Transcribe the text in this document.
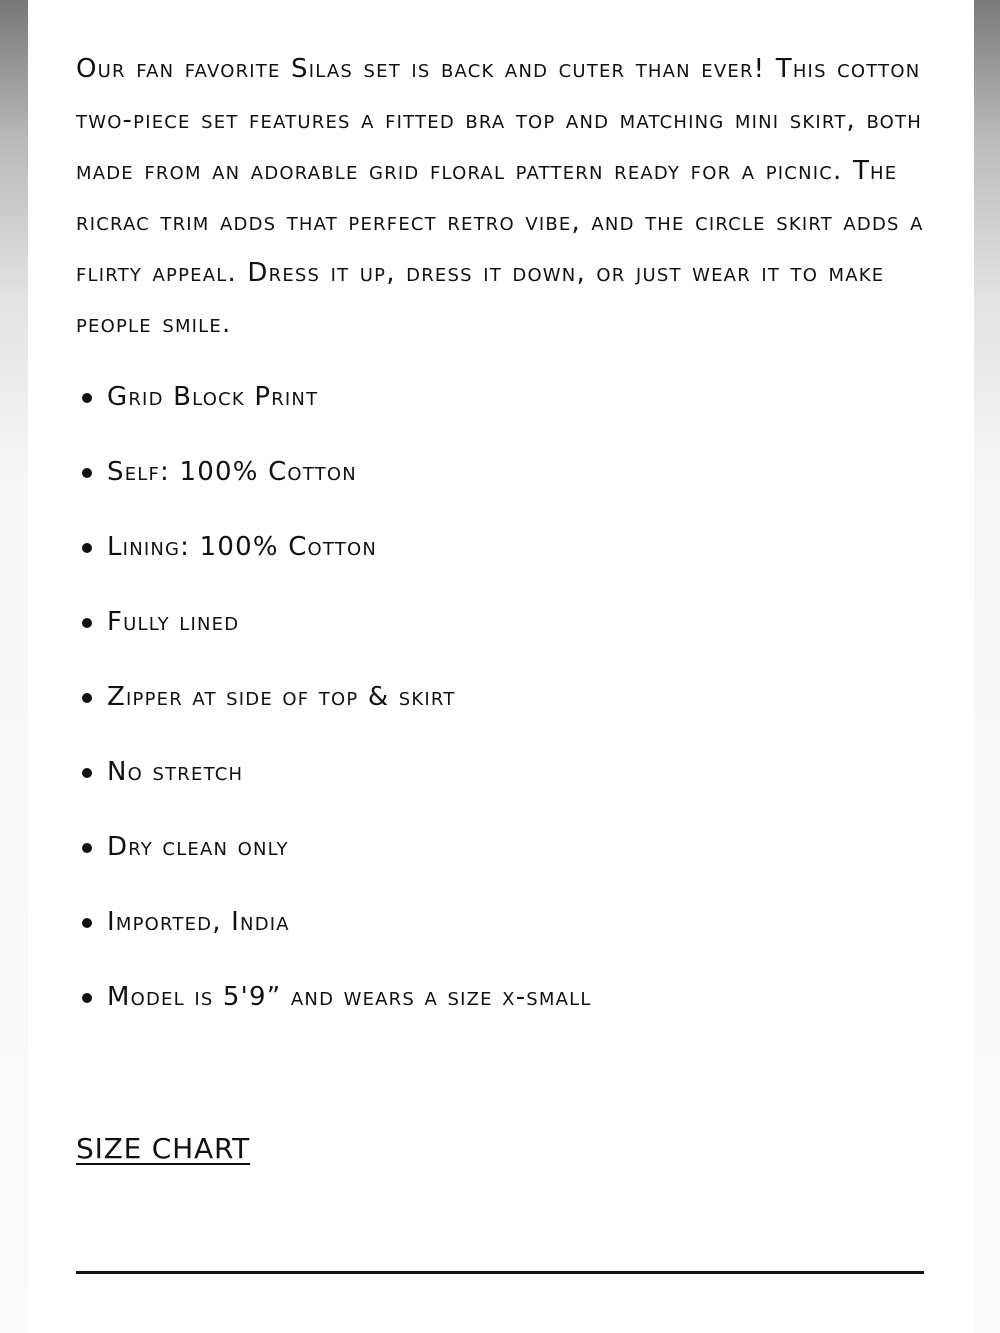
Our fan favorite Silas set is back and cuter than ever! This cotton two-piece set features a fitted bra top and matching mini skirt, both made from an adorable grid floral pattern ready for a picnic. The ricrac trim adds that perfect retro vibe, and the circle skirt adds a flirty appeal. Dress it up, dress it down, or just wear it to make people smile.

Grid Block Print
Self: 100% Cotton
Lining: 100% Cotton
Fully lined
Zipper at side of top & skirt
No stretch
Dry clean only
Imported, India
Model is 5'9” and wears a size x-small
SIZE CHART
